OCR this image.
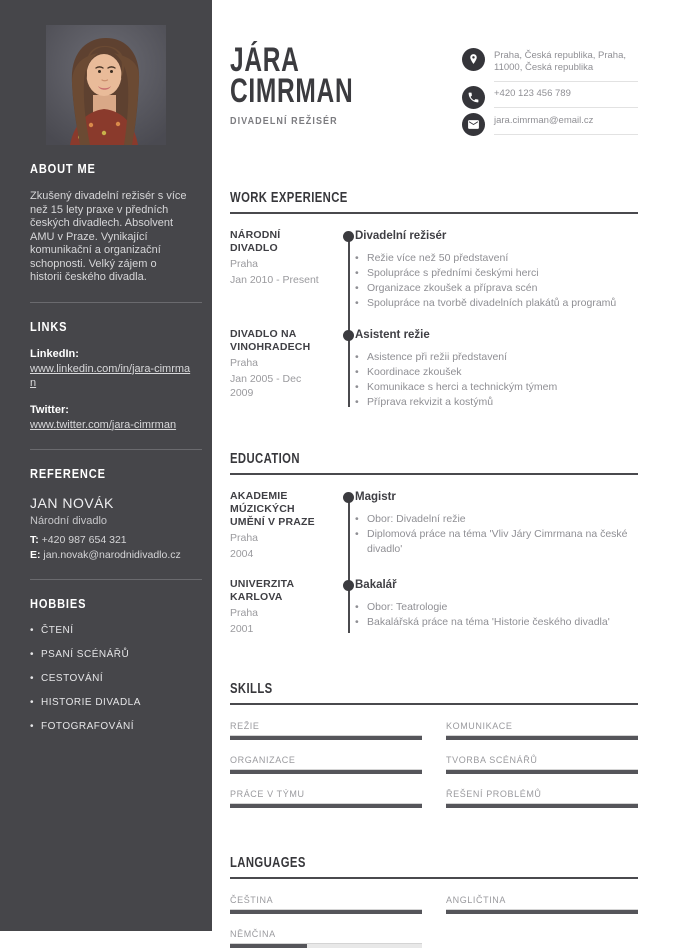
ABOUT ME

Zkušený divadelní režisér s více než 15 lety praxe v předních českých divadlech. Absolvent AMU v Praze. Vynikající komunikační a organizační schopnosti. Velký zájem o historii českého divadla.

LINKS
LinkedIn:
www.linkedin.com/in/jara-cimrman
Twitter:
www.twitter.com/jara-cimrman
REFERENCE
JAN NOVÁK
Národní divadlo
T: +420 987 654 321
E: jan.novak@narodnidivadlo.cz
HOBBIES
• ČTENÍ
• PSANÍ SCÉNÁŘŮ
• CESTOVÁNÍ
• HISTORIE DIVADLA
• FOTOGRAFOVÁNÍ
JÁRA
CIMRMAN
DIVADELNÍ REŽISÉR
Praha, Česká republika, Praha, 11000, Česká republika
+420 123 456 789
jara.cimrman@email.cz
WORK EXPERIENCE
NÁRODNÍ DIVADLO
Praha
Jan 2010 - Present
Divadelní režisér
• Režie více než 50 představení
• Spolupráce s předními českými herci
• Organizace zkoušek a příprava scén
• Spolupráce na tvorbě divadelních plakátů a programů
DIVADLO NA VINOHRADECH
Praha
Jan 2005 - Dec 2009
Asistent režie
• Asistence při režii představení
• Koordinace zkoušek
• Komunikace s herci a technickým týmem
• Příprava rekvizit a kostýmů
EDUCATION
AKADEMIE MÚZICKÝCH UMĚNÍ V PRAZE
Praha
2004
Magistr
• Obor: Divadelní režie
• Diplomová práce na téma 'Vliv Járy Cimrmana na české divadlo'
UNIVERZITA KARLOVA
Praha
2001
Bakalář
• Obor: Teatrologie
• Bakalářská práce na téma 'Historie českého divadla'
SKILLS
REŽIE	KOMUNIKACE
ORGANIZACE	TVORBA SCÉNÁŘŮ
PRÁCE V TÝMU	ŘEŠENÍ PROBLÉMŮ
LANGUAGES
ČEŠTINA	ANGLIČTINA
NĚMČINA
